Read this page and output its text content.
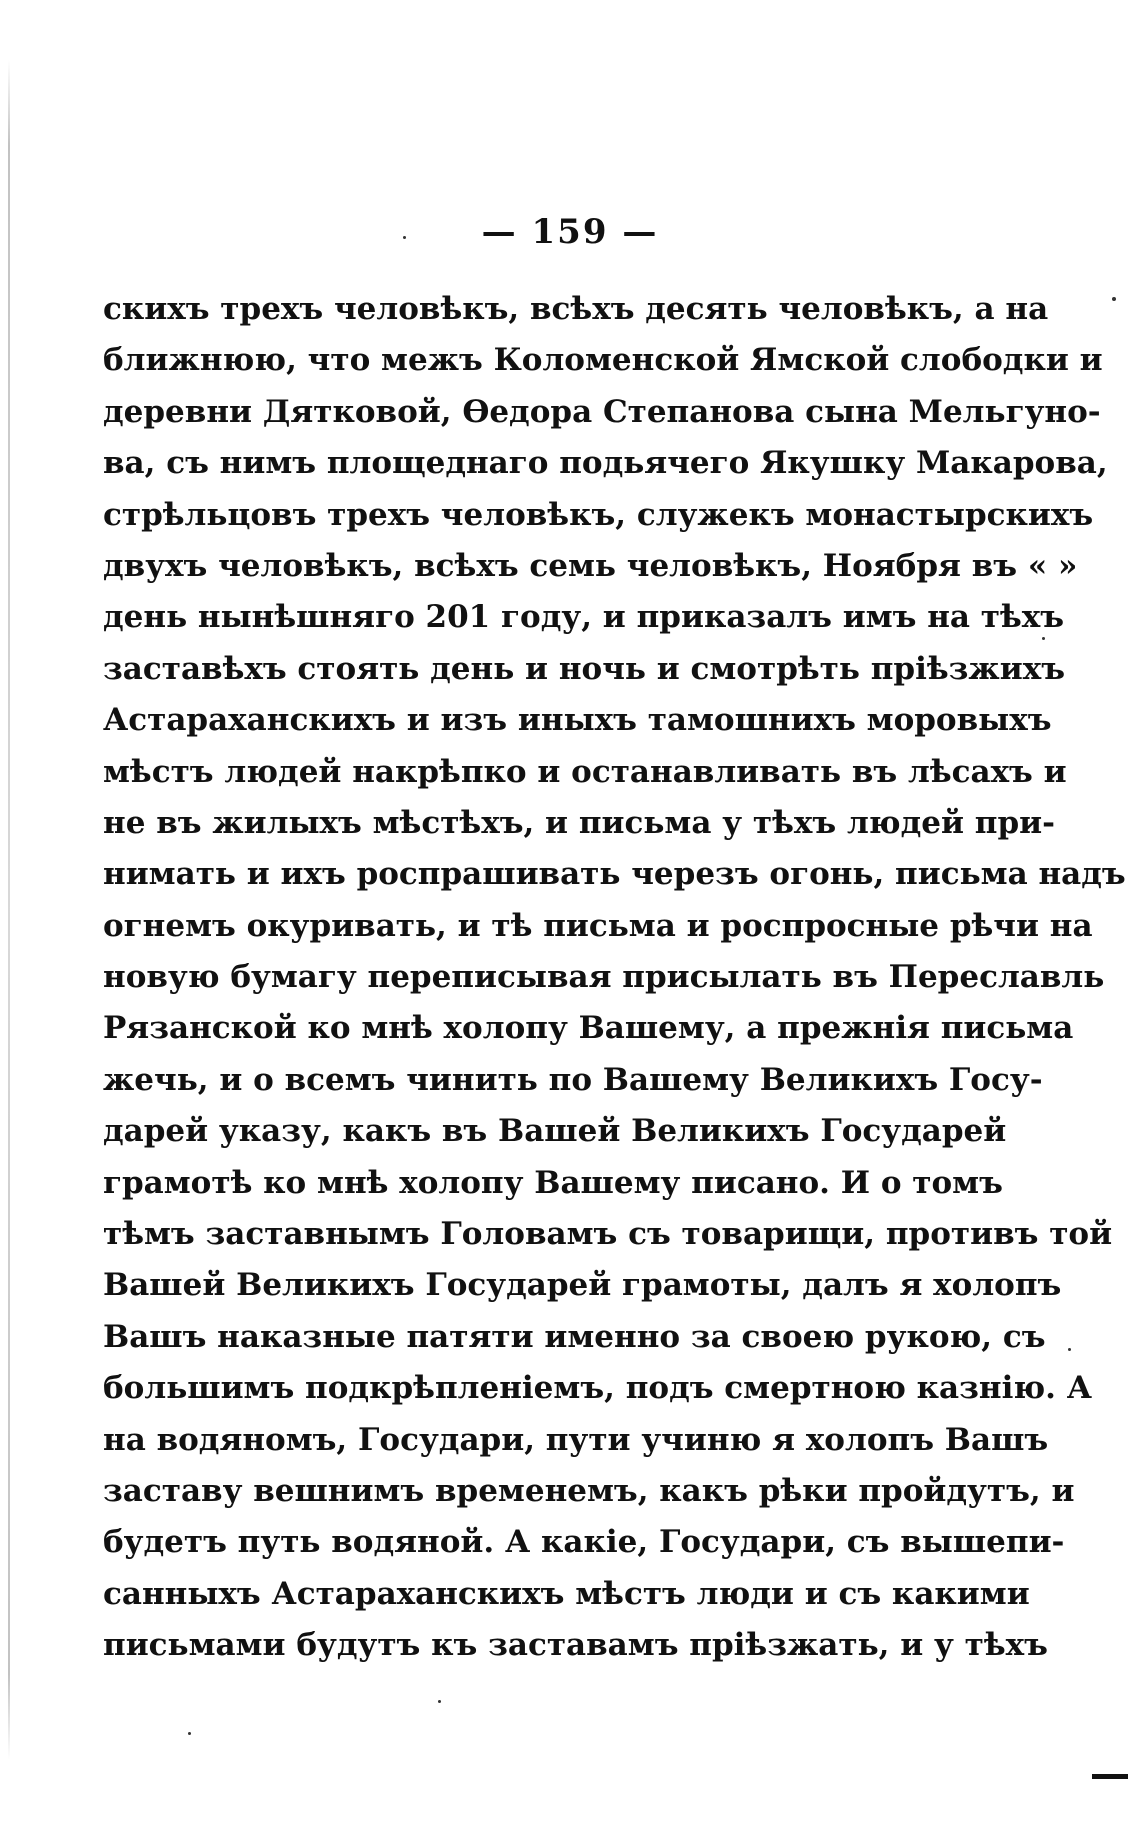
— 159 —
скихъ трехъ человѣкъ, всѣхъ десять человѣкъ, а на
ближнюю, что межъ Коломенской Ямской слободки и
деревни Дятковой, Ѳедора Степанова сына Мельгуно-
ва, съ нимъ площеднаго подьячего Якушку Макарова,
стрѣльцовъ трехъ человѣкъ, служекъ монастырскихъ
двухъ человѣкъ, всѣхъ семь человѣкъ, Ноября въ « »
день нынѣшняго 201 году, и приказалъ имъ на тѣхъ
заставѣхъ стоять день и ночь и смотрѣть прiѣзжихъ
Астараханскихъ и изъ иныхъ тамошнихъ моровыхъ
мѣстъ людей накрѣпко и останавливать въ лѣсахъ и
не въ жилыхъ мѣстѣхъ, и письма у тѣхъ людей при-
нимать и ихъ роспрашивать черезъ огонь, письма надъ
огнемъ окуривать, и тѣ письма и роспросные рѣчи на
новую бумагу переписывая присылать въ Переславль
Рязанской ко мнѣ холопу Вашему, а прежнiя письма
жечь, и о всемъ чинить по Вашему Великихъ Госу-
дарей указу, какъ въ Вашей Великихъ Государей
грамотѣ ко мнѣ холопу Вашему писано. И о томъ
тѣмъ заставнымъ Головамъ съ товарищи, противъ той
Вашей Великихъ Государей грамоты, далъ я холопъ
Вашъ наказные патяти именно за своею рукою, съ
большимъ подкрѣпленiемъ, подъ смертною казнiю. А
на водяномъ, Государи, пути учиню я холопъ Вашъ
заставу вешнимъ временемъ, какъ рѣки пройдутъ, и
будетъ путь водяной. А какiе, Государи, съ вышепи-
санныхъ Астараханскихъ мѣстъ люди и съ какими
письмами будутъ къ заставамъ прiѣзжать, и у тѣхъ
